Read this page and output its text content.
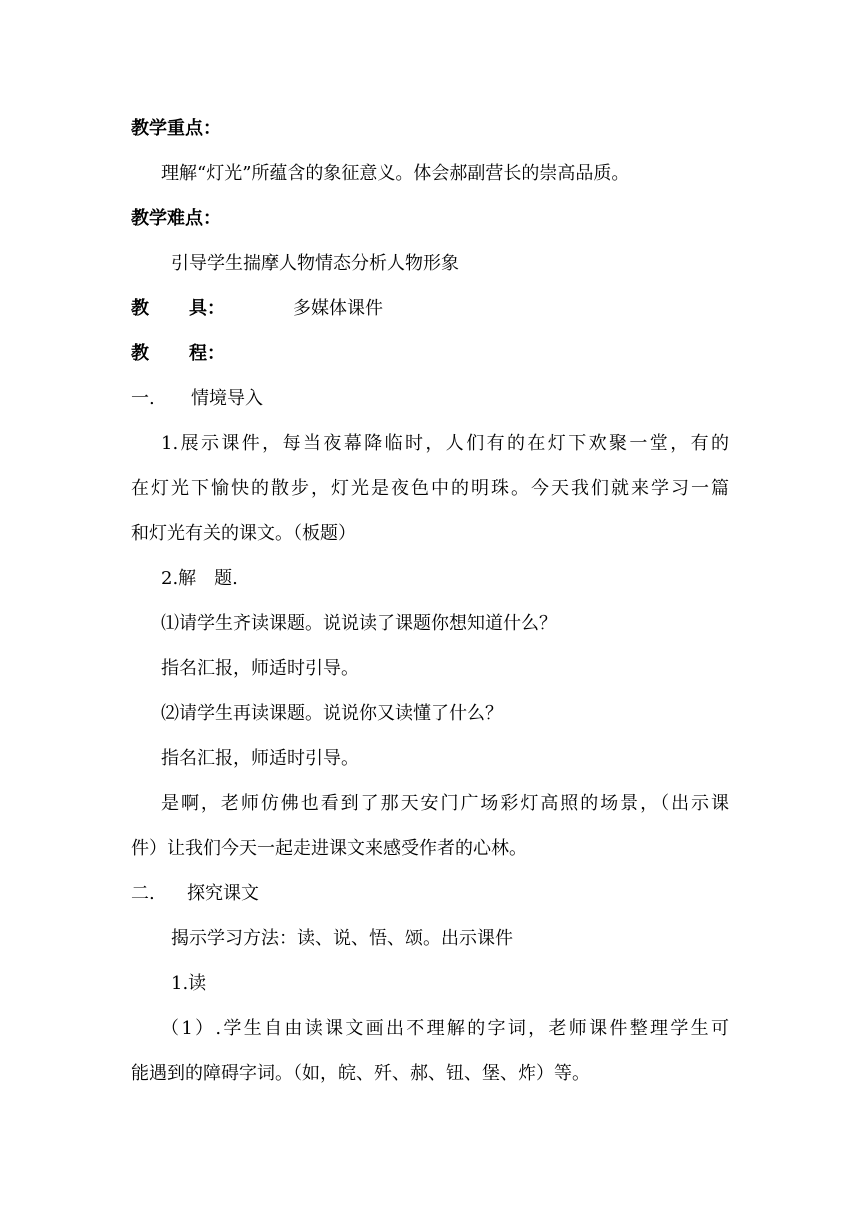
教学重点：
理解“灯光”所蕴含的象征意义。体会郝副营长的崇高品质。
教学难点：
引导学生揣摩人物情态分析人物形象
教 具：	多媒体课件
教 程：
一. 情境导入
1.展示课件，每当夜幕降临时，人们有的在灯下欢聚一堂，有的
在灯光下愉快的散步，灯光是夜色中的明珠。今天我们就来学习一篇
和灯光有关的课文。（板题）
2.解　题.
⑴请学生齐读课题。说说读了课题你想知道什么？
指名汇报，师适时引导。
⑵请学生再读课题。说说你又读懂了什么？
指名汇报，师适时引导。
是啊，老师仿佛也看到了那天安门广场彩灯高照的场景，（出示课
件）让我们今天一起走进课文来感受作者的心林。
二. 探究课文
揭示学习方法：读、说、悟、颂。出示课件
1.读
（1）.学生自由读课文画出不理解的字词，老师课件整理学生可
能遇到的障碍字词。（如，皖、歼、郝、钮、堡、炸）等。
